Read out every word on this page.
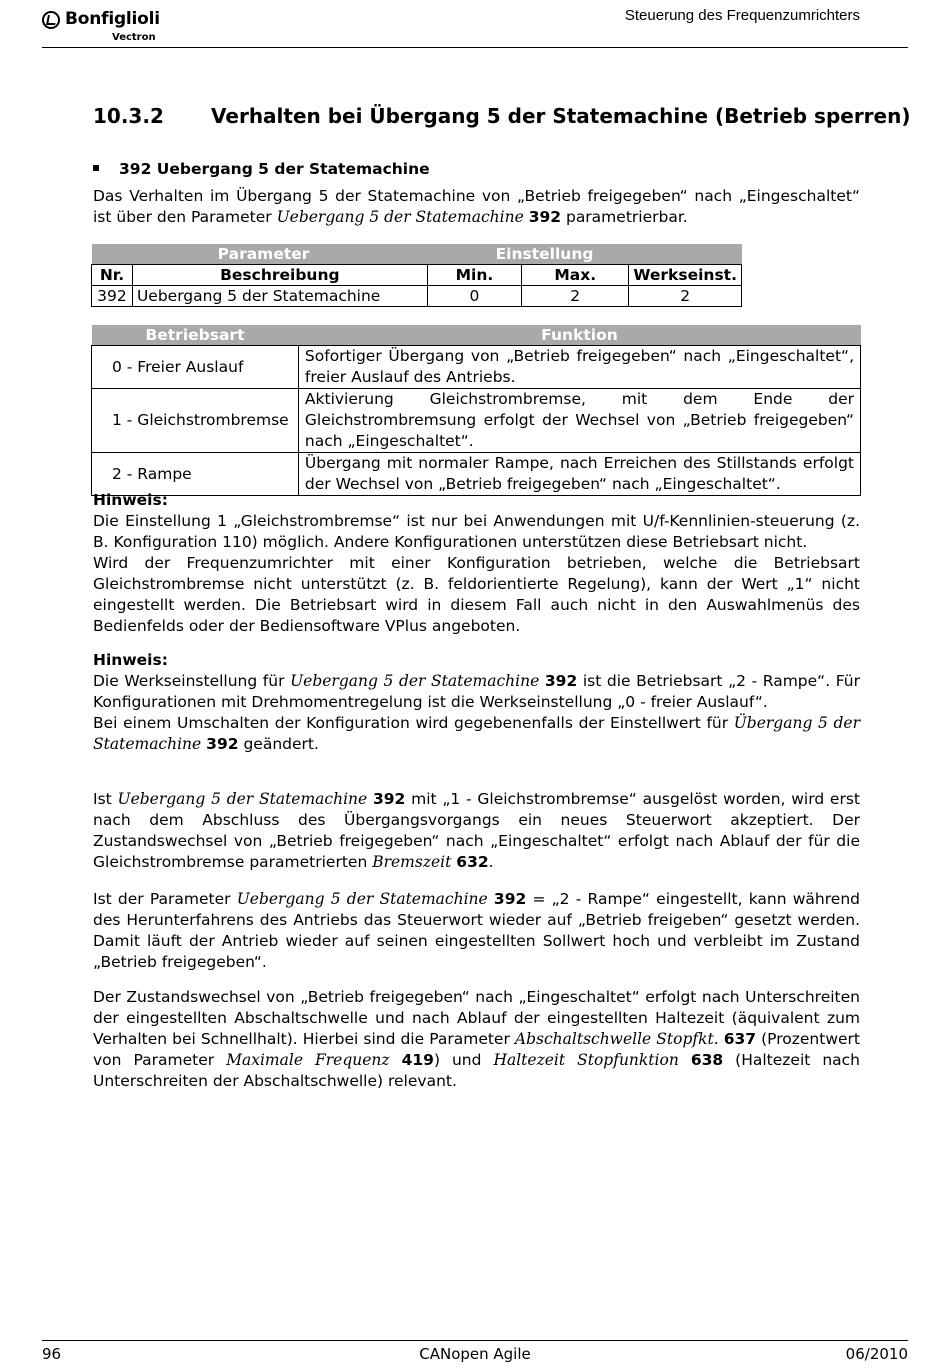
Bonfiglioli
Vectron
Steuerung des Frequenzumrichters
10.3.2 Verhalten bei Übergang 5 der Statemachine (Betrieb sperren)
392 Uebergang 5 der Statemachine
Das Verhalten im Übergang 5 der Statemachine von „Betrieb freigegeben“ nach „Eingeschaltet“ ist über den Parameter Uebergang 5 der Statemachine 392 parametrierbar.
Parameter			Einstellung	
Nr.	Beschreibung	Min.	Max.	Werkseinst.
392	Uebergang 5 der Statemachine	0	2	2
Betriebsart	Funktion
0 - Freier Auslauf	Sofortiger Übergang von „Betrieb freigegeben“ nach „Eingeschaltet“, freier Auslauf des Antriebs.
1 - Gleichstrombremse	Aktivierung Gleichstrombremse, mit dem Ende der Gleichstrombremsung erfolgt der Wechsel von „Betrieb freigegeben“ nach „Eingeschaltet“.
2 - Rampe	Übergang mit normaler Rampe, nach Erreichen des Stillstands erfolgt der Wechsel von „Betrieb freigegeben“ nach „Eingeschaltet“.
Hinweis:
Die Einstellung 1 „Gleichstrombremse“ ist nur bei Anwendungen mit U/f-Kennlinien-steuerung (z. B. Konfiguration 110) möglich. Andere Konfigurationen unterstützen diese Betriebsart nicht.
Wird der Frequenzumrichter mit einer Konfiguration betrieben, welche die Betriebsart Gleichstrombremse nicht unterstützt (z. B. feldorientierte Regelung), kann der Wert „1“ nicht eingestellt werden. Die Betriebsart wird in diesem Fall auch nicht in den Auswahlmenüs des Bedienfelds oder der Bediensoftware VPlus angeboten.
Hinweis:
Die Werkseinstellung für Uebergang 5 der Statemachine 392 ist die Betriebsart „2 - Rampe“. Für Konfigurationen mit Drehmomentregelung ist die Werkseinstellung „0 - freier Auslauf“.
Bei einem Umschalten der Konfiguration wird gegebenenfalls der Einstellwert für Übergang 5 der Statemachine 392 geändert.
Ist Uebergang 5 der Statemachine 392 mit „1 - Gleichstrombremse“ ausgelöst worden, wird erst nach dem Abschluss des Übergangsvorgangs ein neues Steuerwort akzeptiert. Der Zustandswechsel von „Betrieb freigegeben“ nach „Eingeschaltet“ erfolgt nach Ablauf der für die Gleichstrombremse parametrierten Bremszeit 632.
Ist der Parameter Uebergang 5 der Statemachine 392 = „2 - Rampe“ eingestellt, kann während des Herunterfahrens des Antriebs das Steuerwort wieder auf „Betrieb freigeben“ gesetzt werden. Damit läuft der Antrieb wieder auf seinen eingestellten Sollwert hoch und verbleibt im Zustand „Betrieb freigegeben“.
Der Zustandswechsel von „Betrieb freigegeben“ nach „Eingeschaltet“ erfolgt nach Unterschreiten der eingestellten Abschaltschwelle und nach Ablauf der eingestellten Haltezeit (äquivalent zum Verhalten bei Schnellhalt). Hierbei sind die Parameter Abschaltschwelle Stopfkt. 637 (Prozentwert von Parameter Maximale Frequenz 419) und Haltezeit Stopfunktion 638 (Haltezeit nach Unterschreiten der Abschaltschwelle) relevant.
96	CANopen Agile	06/2010
